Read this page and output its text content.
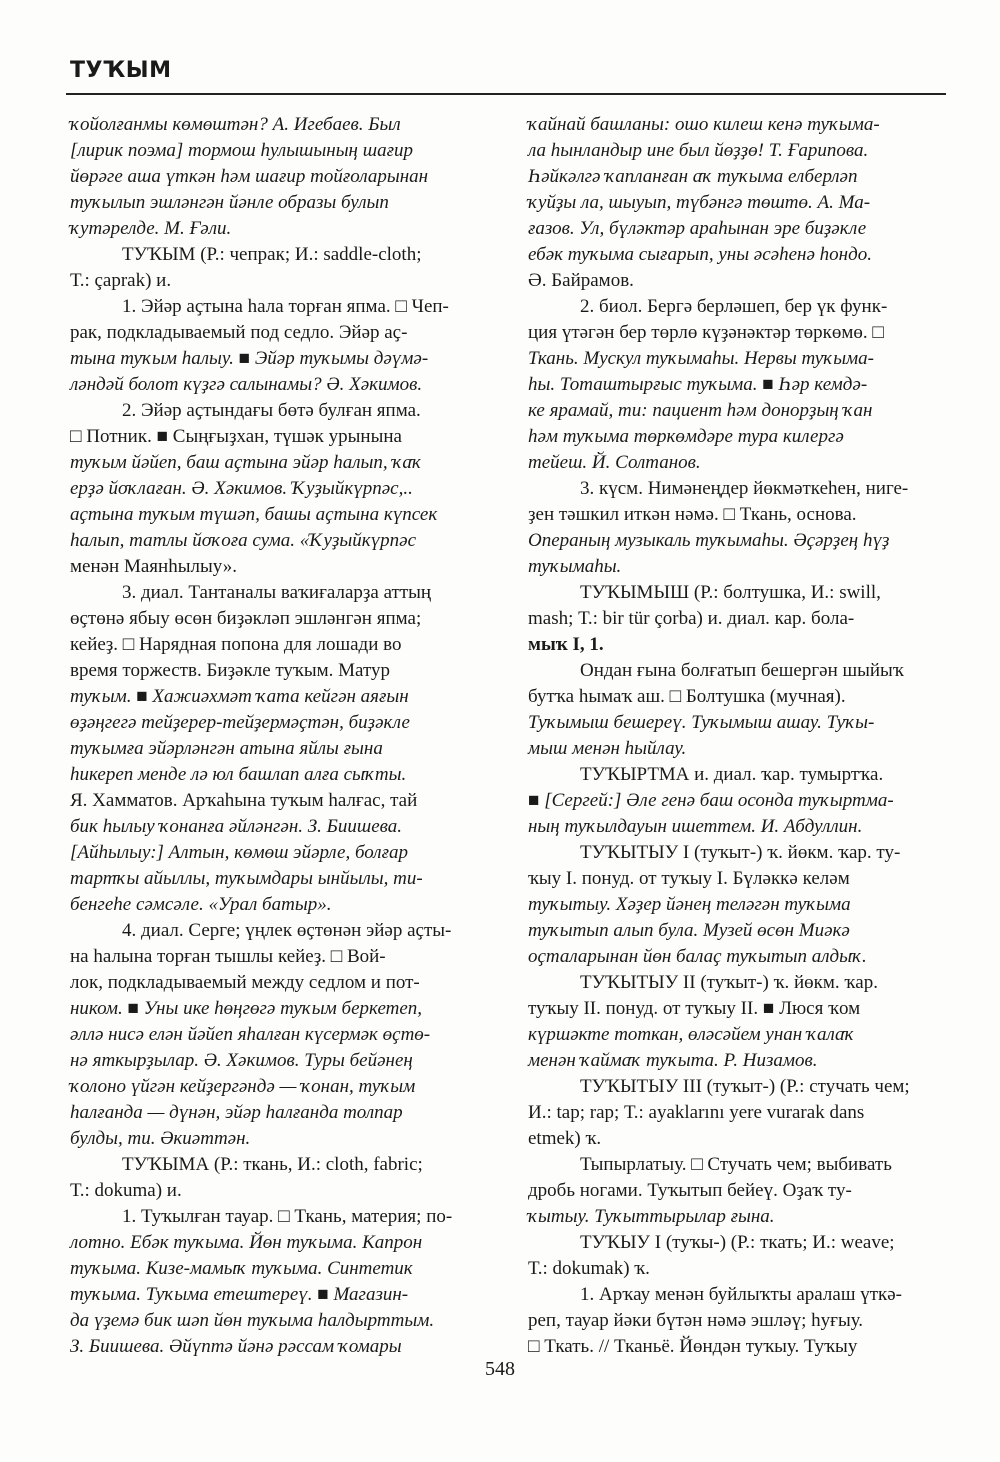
ТУҠЫМ
ҡойолғанмы көмөштән? А. Игебаев. Был
[лирик поэма] тормош һулышының шағир
йөрәге аша үткән һәм шағир тойғоларынан
туҡылып эшләнгән йәнле образы булып
ҡутәрелде. М. Ғәли.
ТУҠЫМ (Р.: чепрак; И.: saddle-cloth;
Т.: çaprak) и.
1. Эйәр аҫтына һала торған япма. □ Чеп-
рак, подкладываемый под седло. Эйәр аҫ-
тына туҡым һалыу. ■ Эйәр туҡымы дәүмә-
ләндәй болот күҙгә салынамы? Ә. Хәкимов.
2. Эйәр аҫтындағы бөтә булған япма.
□ Потник. ■ Сыңғыҙхан, түшәк урынына
туҡым йәйеп, баш аҫтына эйәр һалып, ҡаҡ
ерҙә йоҡлаған. Ә. Хәкимов. Ҡуҙыйкүрпәс,..
аҫтына туҡым түшәп, башы аҫтына күпсек
һалып, татлы йоҡоға сума. «Ҡуҙыйкүрпәс
менән Маянһылыу».
3. диал. Тантаналы ваҡиғаларҙа аттың
өҫтөнә ябыу өсөн биҙәкләп эшләнгән япма;
кейеҙ. □ Нарядная попона для лошади во
время торжеств. Биҙәкле туҡым. Матур
туҡым. ■ Хажиәхмәт ҡата кейгән аяғын
өҙәңгегә тейҙерер-тейҙермәҫтән, биҙәкле
туҡымға эйәрләнгән атына яйлы ғына
һикереп менде лә юл башлап алға сыҡты.
Я. Хамматов. Арҡаһына туҡым һалғас, тай
бик һылыу ҡонанға әйләнгән. З. Биишева.
[Айһылыу:] Алтын, көмөш эйәрле, болғар
тартҡы айыллы, туҡымдары ынйылы, ти-
бенгеһе сәмсәле. «Урал батыр».
4. диал. Серге; үңлек өҫтөнән эйәр аҫты-
на һалына торған тышлы кейеҙ. □ Вой-
лок, подкладываемый между седлом и пот-
ником. ■ Уны ике һөңгөгә туҡым беркетеп,
әллә нисә елән йәйеп яһалған күсермәк өҫтө-
нә яткырҙылар. Ә. Хәкимов. Туры бейәнең
ҡолоно үйгән кейҙергәндә — ҡонан, туҡым
һалғанда — дүнән, эйәр һалғанда толпар
булды, ти. Әкиәттән.
ТУҠЫМА (Р.: ткань, И.: cloth, fabric;
Т.: dokuma) и.
1. Туҡылған тауар. □ Ткань, материя; по-
лотно. Ебәк туҡыма. Йөн туҡыма. Капрон
туҡыма. Кизе-мамыҡ туҡыма. Синтетик
туҡыма. Туҡыма етештереү. ■ Магазин-
да үҙемә бик шәп йөн туҡыма һалдырттым.
З. Биишева. Әйүптә йәнә рәссам ҡомары
ҡайнай башланы: ошо килеш кенә туҡыма-
ла һынландыр ине был йөҙҙө! Т. Ғарипова.
Һәйкәлгә ҡапланған аҡ туҡыма елберләп
ҡуйҙы ла, шыуып, түбәнгә төштө. А. Ма-
ғазов. Ул, бүләктәр араһынан эре биҙәкле
ебәк туҡыма сығарып, уны әсәһенә һондо.
Ә. Байрамов.
2. биол. Бергә берләшеп, бер үк функ-
ция үтәгән бер төрлө күҙәнәктәр төркөмө. □
Ткань. Мускул туҡымаһы. Нервы туҡыма-
һы. Тоташтырғыс туҡыма. ■ Һәр кемдә-
ке ярамай, ти: пациент һәм донорҙың ҡан
һәм туҡыма төркөмдәре тура килергә
тейеш. Й. Солтанов.
3. күсм. Нимәнеңдер йөкмәткеһен, ниге-
ҙен тәшкил иткән нәмә. □ Ткань, основа.
Операның музыкаль туҡымаһы. Әҫәрҙең һүҙ
туҡымаһы.
ТУҠЫМЫШ (Р.: болтушка, И.: swill,
mash; Т.: bir tür çorba) и. диал. кар. бола-
мыҡ I, 1.
Ондан ғына болғатып бешергән шыйыҡ
бутҡа һымаҡ аш. □ Болтушка (мучная).
Туҡымыш бешереү. Туҡымыш ашау. Туҡы-
мыш менән һыйлау.
ТУҠЫРТМА и. диал. ҡар. тумыртҡа.
■ [Сергей:] Әле генә баш осонда туҡыртма-
ның туҡылдауын ишеттем. И. Абдуллин.
ТУҠЫТЫУ I (туҡыт-) ҡ. йөкм. ҡар. ту-
ҡыу I. понуд. от туҡыу I. Бүләккә келәм
туҡытыу. Хәҙер йәнең теләгән туҡыма
туҡытып алып була. Музей өсөн Миәкә
оҫталарынан йөн балаҫ туҡытып алдыҡ.
ТУҠЫТЫУ II (туҡыт-) ҡ. йөкм. ҡар.
туҡыу II. понуд. от туҡыу II. ■ Люся ҡом
күршәкте тоткан, өләсәйем унан ҡалаҡ
менән ҡаймаҡ туҡыта. Р. Низамов.
ТУҠЫТЫУ III (туҡыт-) (Р.: стучать чем;
И.: tap; rap; Т.: ayaklarını yere vurarak dans
etmek) ҡ.
Тыпырлатыу. □ Стучать чем; выбивать
дробь ногами. Туҡытып бейеү. Оҙаҡ ту-
ҡытыу. Туҡыттырылар ғына.
ТУҠЫУ I (туҡы-) (Р.: ткать; И.: weave;
Т.: dokumak) ҡ.
1. Арҡау менән буйлыҡты аралаш үткә-
реп, тауар йәки бүтән нәмә эшләү; һуғыу.
□ Ткать. // Тканьё. Йөндән туҡыу. Туҡыу
548
